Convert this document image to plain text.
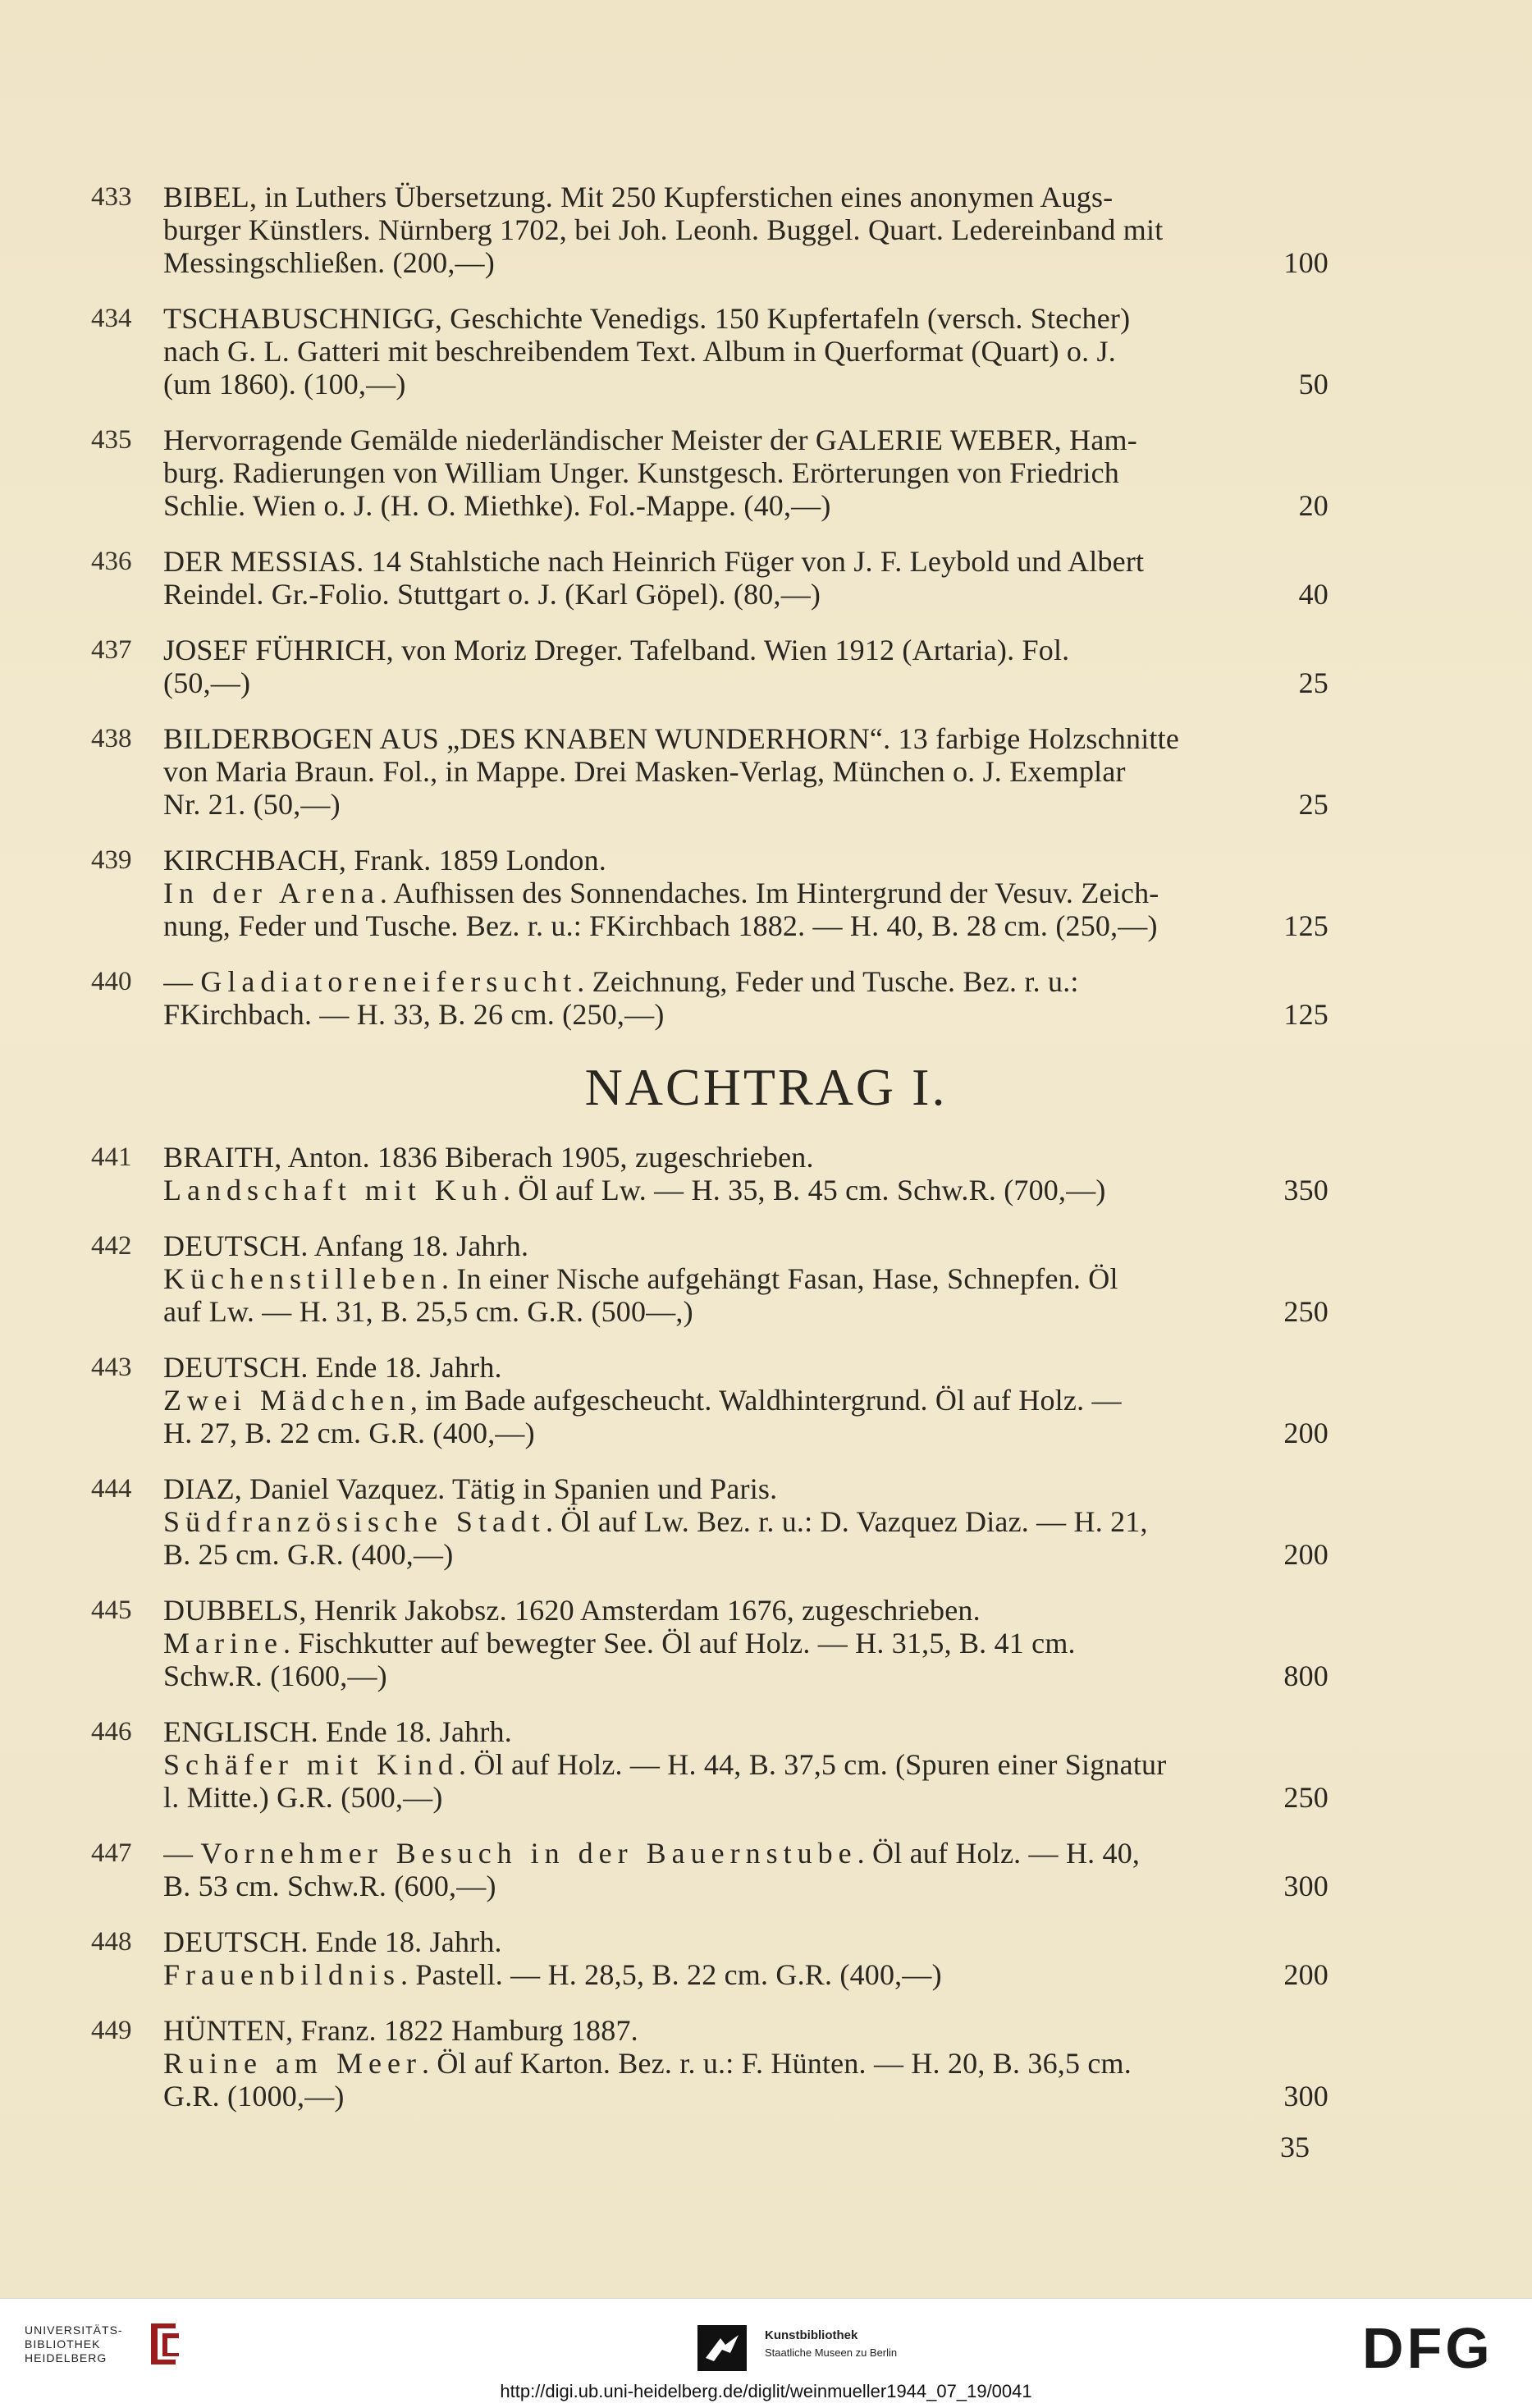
433	BIBEL, in Luthers Übersetzung. Mit 250 Kupferstichen eines anonymen Augs-
burger Künstlers. Nürnberg 1702, bei Joh. Leonh. Buggel. Quart. Ledereinband mit
Messingschließen. (200,—)	100
434	TSCHABUSCHNIGG, Geschichte Venedigs. 150 Kupfertafeln (versch. Stecher)
nach G. L. Gatteri mit beschreibendem Text. Album in Querformat (Quart) o. J.
(um 1860). (100,—)	50
435	Hervorragende Gemälde niederländischer Meister der GALERIE WEBER, Ham-
burg. Radierungen von William Unger. Kunstgesch. Erörterungen von Friedrich
Schlie. Wien o. J. (H. O. Miethke). Fol.-Mappe. (40,—)	20
436	DER MESSIAS. 14 Stahlstiche nach Heinrich Füger von J. F. Leybold und Albert
Reindel. Gr.-Folio. Stuttgart o. J. (Karl Göpel). (80,—)	40
437	JOSEF FÜHRICH, von Moriz Dreger. Tafelband. Wien 1912 (Artaria). Fol.
(50,—)	25
438	BILDERBOGEN AUS „DES KNABEN WUNDERHORN“. 13 farbige Holzschnitte
von Maria Braun. Fol., in Mappe. Drei Masken-Verlag, München o. J. Exemplar
Nr. 21. (50,—)	25
439	KIRCHBACH, Frank. 1859 London.
In der Arena. Aufhissen des Sonnendaches. Im Hintergrund der Vesuv. Zeich-
nung, Feder und Tusche. Bez. r. u.: FKirchbach 1882. — H. 40, B. 28 cm. (250,—)	125
440	— Gladiatoreneifersucht. Zeichnung, Feder und Tusche. Bez. r. u.:
FKirchbach. — H. 33, B. 26 cm. (250,—)	125
NACHTRAG I.
441	BRAITH, Anton. 1836 Biberach 1905, zugeschrieben.
Landschaft mit Kuh. Öl auf Lw. — H. 35, B. 45 cm. Schw.R. (700,—)	350
442	DEUTSCH. Anfang 18. Jahrh.
Küchenstilleben. In einer Nische aufgehängt Fasan, Hase, Schnepfen. Öl
auf Lw. — H. 31, B. 25,5 cm. G.R. (500—,)	250
443	DEUTSCH. Ende 18. Jahrh.
Zwei Mädchen, im Bade aufgescheucht. Waldhintergrund. Öl auf Holz. —
H. 27, B. 22 cm. G.R. (400,—)	200
444	DIAZ, Daniel Vazquez. Tätig in Spanien und Paris.
Südfranzösische Stadt. Öl auf Lw. Bez. r. u.: D. Vazquez Diaz. — H. 21,
B. 25 cm. G.R. (400,—)	200
445	DUBBELS, Henrik Jakobsz. 1620 Amsterdam 1676, zugeschrieben.
Marine. Fischkutter auf bewegter See. Öl auf Holz. — H. 31,5, B. 41 cm.
Schw.R. (1600,—)	800
446	ENGLISCH. Ende 18. Jahrh.
Schäfer mit Kind. Öl auf Holz. — H. 44, B. 37,5 cm. (Spuren einer Signatur
l. Mitte.) G.R. (500,—)	250
447	— Vornehmer Besuch in der Bauernstube. Öl auf Holz. — H. 40,
B. 53 cm. Schw.R. (600,—)	300
448	DEUTSCH. Ende 18. Jahrh.
Frauenbildnis. Pastell. — H. 28,5, B. 22 cm. G.R. (400,—)	200
449	HÜNTEN, Franz. 1822 Hamburg 1887.
Ruine am Meer. Öl auf Karton. Bez. r. u.: F. Hünten. — H. 20, B. 36,5 cm.
G.R. (1000,—)	300
35
UNIVERSITÄTS-
BIBLIOTHEK
HEIDELBERG
Kunstbibliothek
Staatliche Museen zu Berlin	DFG
http://digi.ub.uni-heidelberg.de/diglit/weinmueller1944_07_19/0041
